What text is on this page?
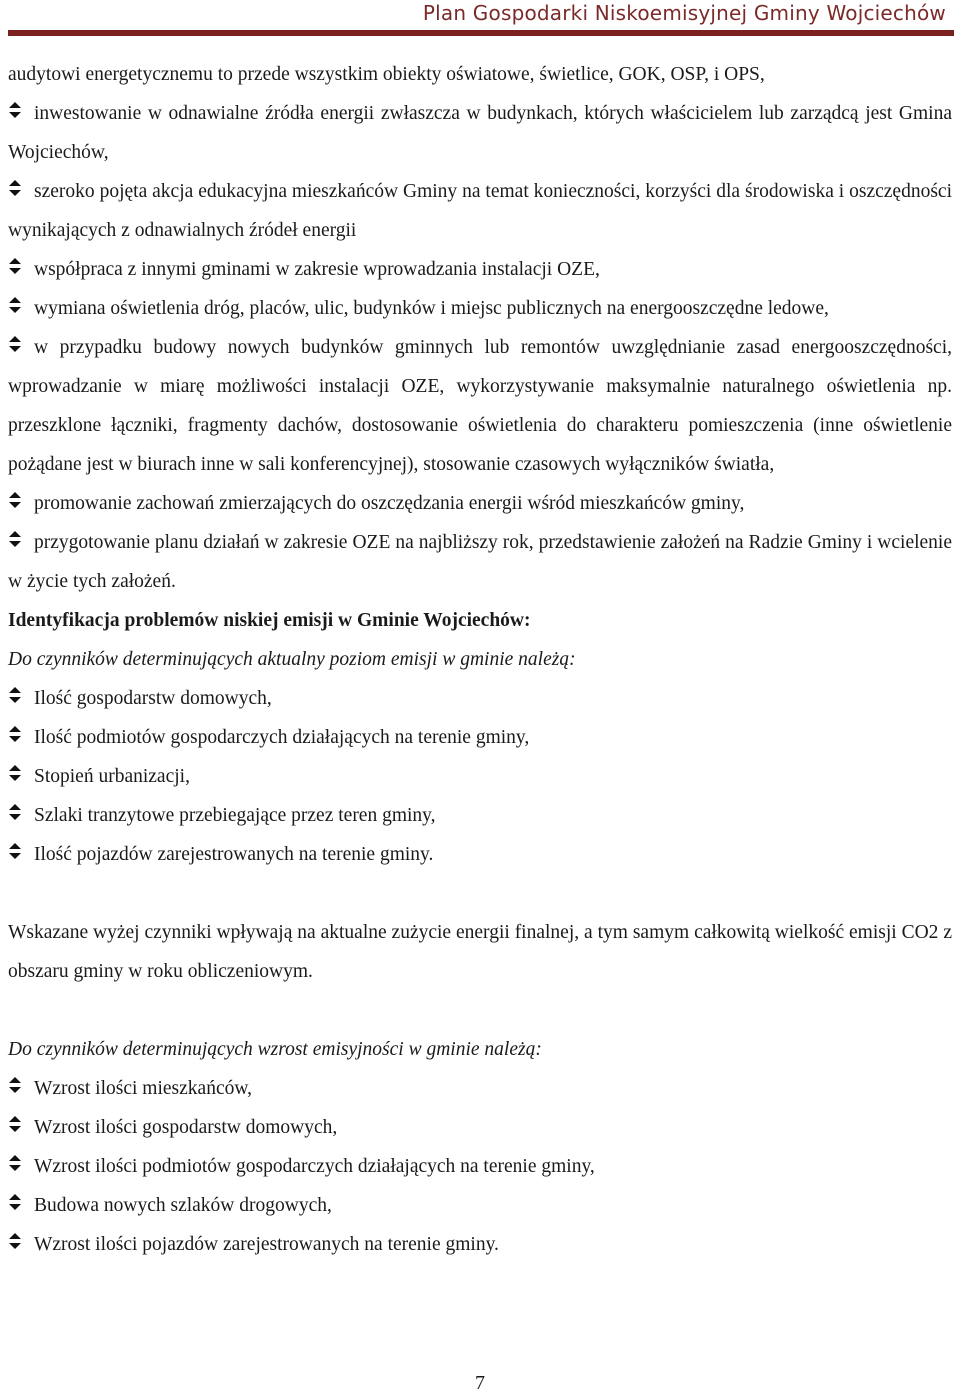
Plan Gospodarki Niskoemisyjnej Gminy Wojciechów

audytowi energetycznemu to przede wszystkim obiekty oświatowe, świetlice, GOK, OSP, i OPS,

inwestowanie w odnawialne źródła energii zwłaszcza w budynkach, których właścicielem lub zarządcą jest Gmina Wojciechów,

szeroko pojęta akcja edukacyjna mieszkańców Gminy na temat konieczności, korzyści dla środowiska i oszczędności wynikających z odnawialnych źródeł energii

współpraca z innymi gminami w zakresie wprowadzania instalacji OZE,

wymiana oświetlenia dróg, placów, ulic, budynków i miejsc publicznych na energooszczędne ledowe,

w przypadku budowy nowych budynków gminnych lub remontów uwzględnianie zasad energooszczędności, wprowadzanie w miarę możliwości instalacji OZE, wykorzystywanie maksymalnie naturalnego oświetlenia np. przeszklone łączniki, fragmenty dachów, dostosowanie oświetlenia do charakteru pomieszczenia (inne oświetlenie pożądane jest w biurach inne w sali konferencyjnej), stosowanie czasowych wyłączników światła,

promowanie zachowań zmierzających do oszczędzania energii wśród mieszkańców gminy,

przygotowanie planu działań w zakresie OZE na najbliższy rok, przedstawienie założeń na Radzie Gminy i wcielenie w życie tych założeń.

Identyfikacja problemów niskiej emisji w Gminie Wojciechów:

Do czynników determinujących aktualny poziom emisji w gminie należą:

Ilość gospodarstw domowych,

Ilość podmiotów gospodarczych działających na terenie gminy,

Stopień urbanizacji,

Szlaki tranzytowe przebiegające przez teren gminy,

Ilość pojazdów zarejestrowanych na terenie gminy.

Wskazane wyżej czynniki wpływają na aktualne zużycie energii finalnej, a tym samym całkowitą wielkość emisji CO2 z obszaru gminy w roku obliczeniowym.

Do czynników determinujących wzrost emisyjności w gminie należą:

Wzrost ilości mieszkańców,

Wzrost ilości gospodarstw domowych,

Wzrost ilości podmiotów gospodarczych działających na terenie gminy,

Budowa nowych szlaków drogowych,

Wzrost ilości pojazdów zarejestrowanych na terenie gminy.

7
